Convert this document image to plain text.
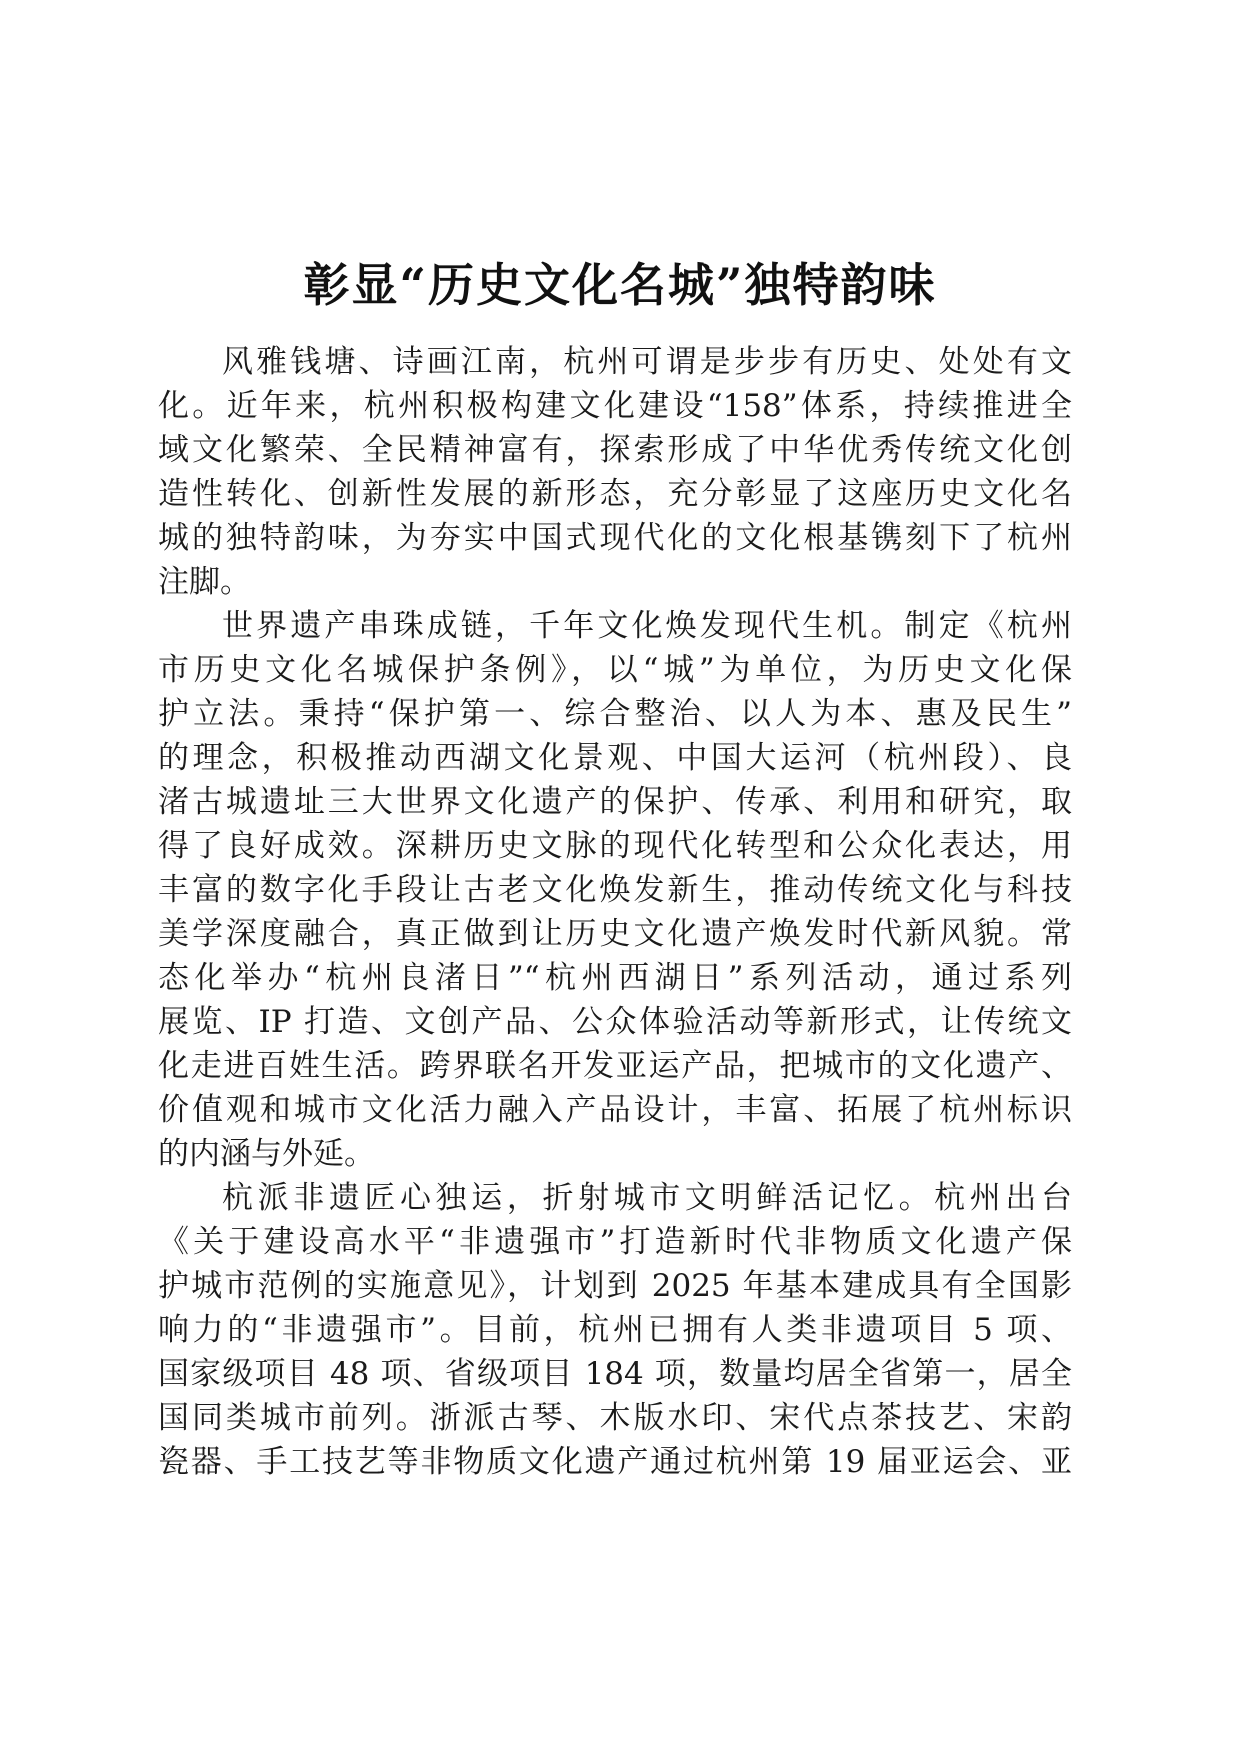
彰显“历史文化名城”独特韵味
风雅钱塘、诗画江南，杭州可谓是步步有历史、处处有文
化。近年来，杭州积极构建文化建设“158”体系，持续推进全
域文化繁荣、全民精神富有，探索形成了中华优秀传统文化创
造性转化、创新性发展的新形态，充分彰显了这座历史文化名
城的独特韵味，为夯实中国式现代化的文化根基镌刻下了杭州
注脚。
世界遗产串珠成链，千年文化焕发现代生机。制定《杭州
市历史文化名城保护条例》，以“城”为单位，为历史文化保
护立法。秉持“保护第一、综合整治、以人为本、惠及民生”
的理念，积极推动西湖文化景观、中国大运河（杭州段）、良
渚古城遗址三大世界文化遗产的保护、传承、利用和研究，取
得了良好成效。深耕历史文脉的现代化转型和公众化表达，用
丰富的数字化手段让古老文化焕发新生，推动传统文化与科技
美学深度融合，真正做到让历史文化遗产焕发时代新风貌。常
态化举办“杭州良渚日”“杭州西湖日”系列活动，通过系列
展览、IP 打造、文创产品、公众体验活动等新形式，让传统文
化走进百姓生活。跨界联名开发亚运产品，把城市的文化遗产、
价值观和城市文化活力融入产品设计，丰富、拓展了杭州标识
的内涵与外延。
杭派非遗匠心独运，折射城市文明鲜活记忆。杭州出台
《关于建设高水平“非遗强市”打造新时代非物质文化遗产保
护城市范例的实施意见》，计划到 2025 年基本建成具有全国影
响力的“非遗强市”。目前，杭州已拥有人类非遗项目 5 项、
国家级项目 48 项、省级项目 184 项，数量均居全省第一，居全
国同类城市前列。浙派古琴、木版水印、宋代点茶技艺、宋韵
瓷器、手工技艺等非物质文化遗产通过杭州第 19 届亚运会、亚
